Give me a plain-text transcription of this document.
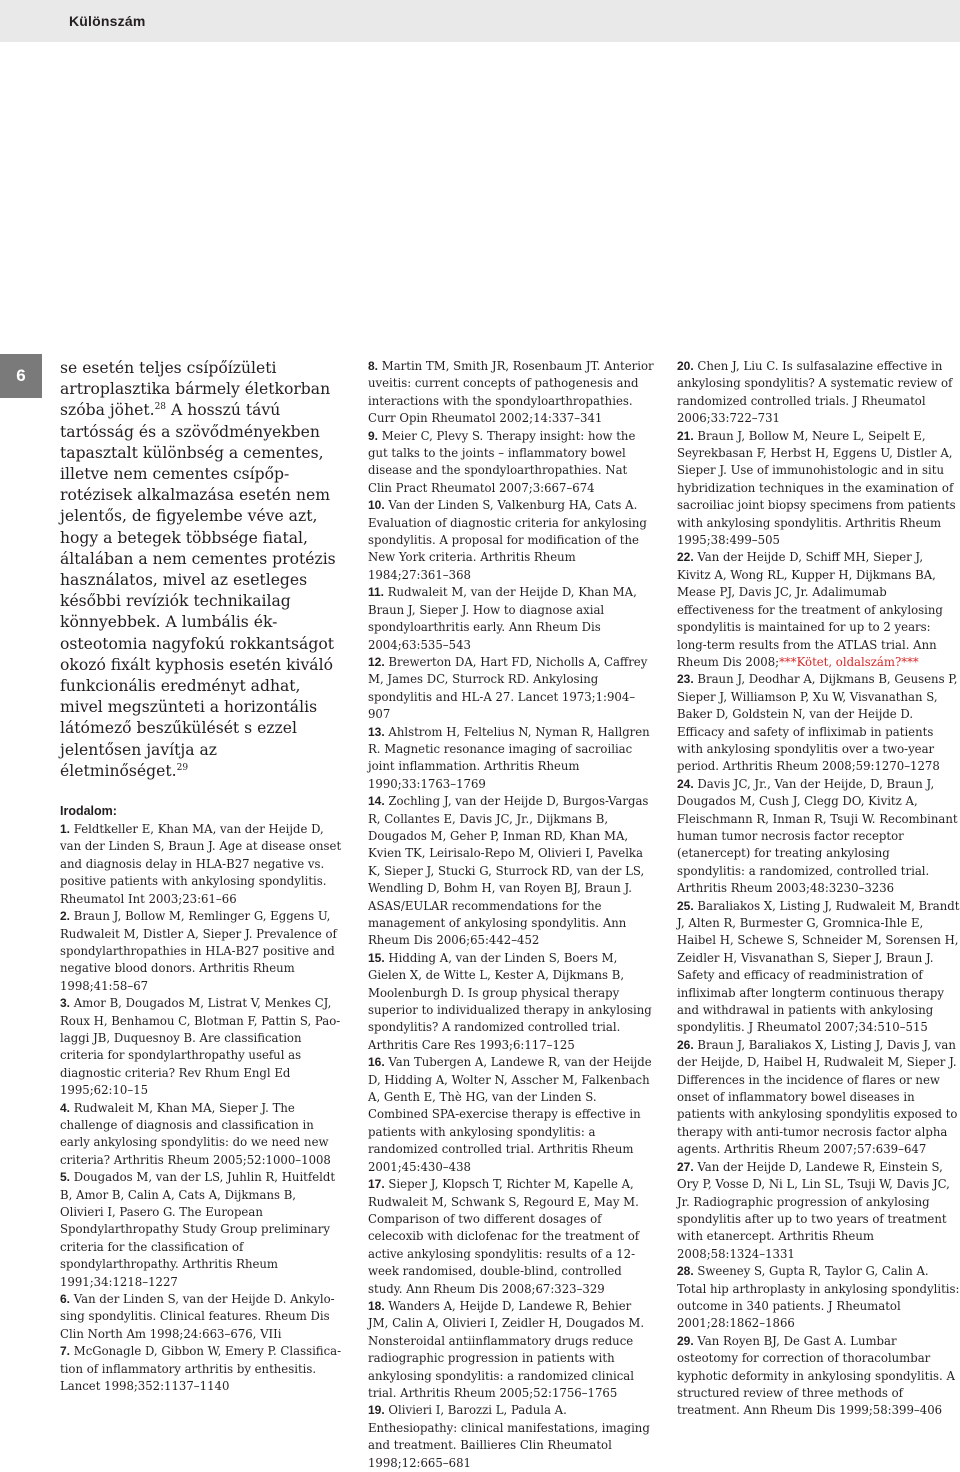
Különszám
6 se esetén teljes csípőízületi artroplasztika bármely életkorban szóba jöhet.$^{28}$ A hosszú távú tartósság és a szövődményekben tapasztalt különbség a cementes, illetve nem cementes csípőprotézisek alkalmazása esetén nem jelentős, de figyelembe véve azt, hogy a betegek többsége fiatal, általában a nem cementes protézis használatos, mivel az esetleges későbbi revíziók technikailag könnyebbek. A lumbális ék-osteotomia nagyfokú rokkantságot okozó fixált kyphosis esetén kiváló funkcionális eredményt adhat, mivel megszünteti a horizontális látómező beszűkülését s ezzel jelentősen javítja az életminőséget.$^{29}$

Irodalom:

1. Feldtkeller E, Khan MA, van der Heijde D, van der Linden S, Braun J. Age at disease onset and diagnosis delay in HLA-B27 negative vs. positive patients with ankylosing spondylitis. Rheumatol Int 2003;23:61–66

2. Braun J, Bollow M, Remlinger G, Eggens U, Rudwaleit M, Distler A, Sieper J. Prevalence of spondylarthropathies in HLA-B27 positive and negative blood donors. Arthritis Rheum 1998;41:58–67

3. Amor B, Dougados M, Listrat V, Menkes CJ, Roux H, Benhamou C, Blotman F, Pattin S, Paolaggi JB, Duquesnoy B. Are classification criteria for spondylarthropathy useful as diagnostic criteria? Rev Rhum Engl Ed 1995;62:10–15

4. Rudwaleit M, Khan MA, Sieper J. The challenge of diagnosis and classification in early ankylosing spondylitis: do we need new criteria? Arthritis Rheum 2005;52:1000–1008

5. Dougados M, van der LS, Juhlin R, Huitfeldt B, Amor B, Calin A, Cats A, Dijkmans B, Olivieri I, Pasero G. The European Spondylarthropathy Study Group preliminary criteria for the classification of spondylarthropathy. Arthritis Rheum 1991;34:1218–1227

6. Van der Linden S, van der Heijde D. Ankylosing spondylitis. Clinical features. Rheum Dis Clin North Am 1998;24:663–676, VIIi

7. McGonagle D, Gibbon W, Emery P. Classification of inflammatory arthritis by enthesitis. Lancet 1998;352:1137–1140

8. Martin TM, Smith JR, Rosenbaum JT. Anterior uveitis: current concepts of pathogenesis and interactions with the spondyloarthropathies. Curr Opin Rheumatol 2002;14:337–341

9. Meier C, Plevy S. Therapy insight: how the gut talks to the joints – inflammatory bowel disease and the spondyloarthropathies. Nat Clin Pract Rheumatol 2007;3:667–674

10. Van der Linden S, Valkenburg HA, Cats A. Evaluation of diagnostic criteria for ankylosing spondylitis. A proposal for modification of the New York criteria. Arthritis Rheum 1984;27:361–368

11. Rudwaleit M, van der Heijde D, Khan MA, Braun J, Sieper J. How to diagnose axial spondyloarthritis early. Ann Rheum Dis 2004;63:535–543

12. Brewerton DA, Hart FD, Nicholls A, Caffrey M, James DC, Sturrock RD. Ankylosing spondylitis and HL-A 27. Lancet 1973;1:904–907

13. Ahlstrom H, Feltelius N, Nyman R, Hallgren R. Magnetic resonance imaging of sacroiliac joint inflammation. Arthritis Rheum 1990;33:1763–1769

14. Zochling J, van der Heijde D, Burgos-Vargas R, Collantes E, Davis JC, Jr., Dijkmans B, Dougados M, Geher P, Inman RD, Khan MA, Kvien TK, Leirisalo-Repo M, Olivieri I, Pavelka K, Sieper J, Stucki G, Sturrock RD, van der LS, Wendling D, Bohm H, van Royen BJ, Braun J. ASAS/EULAR recommendations for the management of ankylosing spondylitis. Ann Rheum Dis 2006;65:442–452

15. Hidding A, van der Linden S, Boers M, Gielen X, de Witte L, Kester A, Dijkmans B, Moolenburgh D. Is group physical therapy superior to individualized therapy in ankylosing spondylitis? A randomized controlled trial. Arthritis Care Res 1993;6:117–125

16. Van Tubergen A, Landewe R, van der Heijde D, Hidding A, Wolter N, Asscher M, Falkenbach A, Genth E, Thè HG, van der Linden S. Combined SPA-exercise therapy is effective in patients with ankylosing spondylitis: a randomized controlled trial. Arthritis Rheum 2001;45:430–438

17. Sieper J, Klopsch T, Richter M, Kapelle A, Rudwaleit M, Schwank S, Regourd E, May M. Comparison of two different dosages of celecoxib with diclofenac for the treatment of active ankylosing spondylitis: results of a 12-week randomised, double-blind, controlled study. Ann Rheum Dis 2008;67:323–329

18. Wanders A, Heijde D, Landewe R, Behier JM, Calin A, Olivieri I, Zeidler H, Dougados M. Nonsteroidal antiinflammatory drugs reduce radiographic progression in patients with ankylosing spondylitis: a randomized clinical trial. Arthritis Rheum 2005;52:1756–1765

19. Olivieri I, Barozzi L, Padula A. Enthesiopathy: clinical manifestations, imaging and treatment. Baillieres Clin Rheumatol 1998;12:665–681

20. Chen J, Liu C. Is sulfasalazine effective in ankylosing spondylitis? A systematic review of randomized controlled trials. J Rheumatol 2006;33:722–731

21. Braun J, Bollow M, Neure L, Seipelt E, Seyrekbasan F, Herbst H, Eggens U, Distler A, Sieper J. Use of immunohistologic and in situ hybridization techniques in the examination of sacroiliac joint biopsy specimens from patients with ankylosing spondylitis. Arthritis Rheum 1995;38:499–505

22. Van der Heijde D, Schiff MH, Sieper J, Kivitz A, Wong RL, Kupper H, Dijkmans BA, Mease PJ, Davis JC, Jr. Adalimumab effectiveness for the treatment of ankylosing spondylitis is maintained for up to 2 years: long-term results from the ATLAS trial. Ann Rheum Dis 2008;***Kötet, oldalszám?***

23. Braun J, Deodhar A, Dijkmans B, Geusens P, Sieper J, Williamson P, Xu W, Visvanathan S, Baker D, Goldstein N, van der Heijde D. Efficacy and safety of infliximab in patients with ankylosing spondylitis over a two-year period. Arthritis Rheum 2008;59:1270–1278

24. Davis JC, Jr., Van der Heijde, D, Braun J, Dougados M, Cush J, Clegg DO, Kivitz A, Fleischmann R, Inman R, Tsuji W. Recombinant human tumor necrosis factor receptor (etanercept) for treating ankylosing spondylitis: a randomized, controlled trial. Arthritis Rheum 2003;48:3230–3236

25. Baraliakos X, Listing J, Rudwaleit M, Brandt J, Alten R, Burmester G, Gromnica-Ihle E, Haibel H, Schewe S, Schneider M, Sorensen H, Zeidler H, Visvanathan S, Sieper J, Braun J. Safety and efficacy of readministration of infliximab after longterm continuous therapy and withdrawal in patients with ankylosing spondylitis. J Rheumatol 2007;34:510–515

26. Braun J, Baraliakos X, Listing J, Davis J, van der Heijde, D, Haibel H, Rudwaleit M, Sieper J. Differences in the incidence of flares or new onset of inflammatory bowel diseases in patients with ankylosing spondylitis exposed to therapy with anti-tumor necrosis factor alpha agents. Arthritis Rheum 2007;57:639–647

27. Van der Heijde D, Landewe R, Einstein S, Ory P, Vosse D, Ni L, Lin SL, Tsuji W, Davis JC, Jr. Radiographic progression of ankylosing spondylitis after up to two years of treatment with etanercept. Arthritis Rheum 2008;58:1324–1331

28. Sweeney S, Gupta R, Taylor G, Calin A. Total hip arthroplasty in ankylosing spondylitis: outcome in 340 patients. J Rheumatol 2001;28:1862–1866

29. Van Royen BJ, De Gast A. Lumbar osteotomy for correction of thoracolumbar kyphotic deformity in ankylosing spondylitis. A structured review of three methods of treatment. Ann Rheum Dis 1999;58:399–406
